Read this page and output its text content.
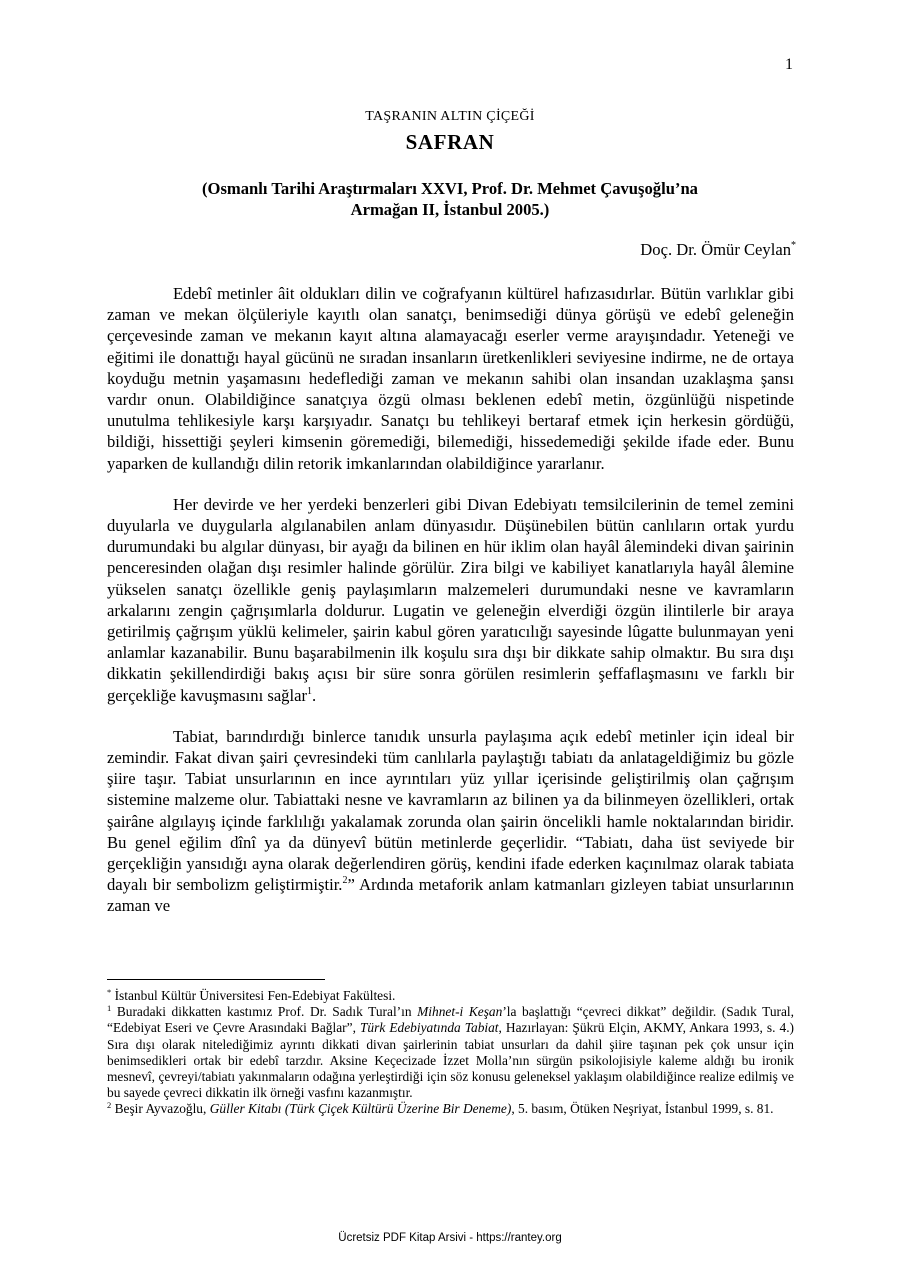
1
TAŞRANIN ALTIN ÇİÇEĞİ
SAFRAN
(Osmanlı Tarihi Araştırmaları XXVI, Prof. Dr. Mehmet Çavuşoğlu’na
Armağan II, İstanbul 2005.)
Doç. Dr. Ömür Ceylan*

Edebî metinler âit oldukları dilin ve coğrafyanın kültürel hafızasıdırlar. Bütün varlıklar gibi zaman ve mekan ölçüleriyle kayıtlı olan sanatçı, benimsediği dünya görüşü ve edebî geleneğin çerçevesinde zaman ve mekanın kayıt altına alamayacağı eserler verme arayışındadır. Yeteneği ve eğitimi ile donattığı hayal gücünü ne sıradan insanların üretkenlikleri seviyesine indirme, ne de ortaya koyduğu metnin yaşamasını hedeflediği zaman ve mekanın sahibi olan insandan uzaklaşma şansı vardır onun. Olabildiğince sanatçıya özgü olması beklenen edebî metin, özgünlüğü nispetinde unutulma tehlikesiyle karşı karşıyadır. Sanatçı bu tehlikeyi bertaraf etmek için herkesin gördüğü, bildiği, hissettiği şeyleri kimsenin göremediği, bilemediği, hissedemediği şekilde ifade eder. Bunu yaparken de kullandığı dilin retorik imkanlarından olabildiğince yararlanır.

Her devirde ve her yerdeki benzerleri gibi Divan Edebiyatı temsilcilerinin de temel zemini duyularla ve duygularla algılanabilen anlam dünyasıdır. Düşünebilen bütün canlıların ortak yurdu durumundaki bu algılar dünyası, bir ayağı da bilinen en hür iklim olan hayâl âlemindeki divan şairinin penceresinden olağan dışı resimler halinde görülür. Zira bilgi ve kabiliyet kanatlarıyla hayâl âlemine yükselen sanatçı özellikle geniş paylaşımların malzemeleri durumundaki nesne ve kavramların arkalarını zengin çağrışımlarla doldurur. Lugatin ve geleneğin elverdiği özgün ilintilerle bir araya getirilmiş çağrışım yüklü kelimeler, şairin kabul gören yaratıcılığı sayesinde lûgatte bulunmayan yeni anlamlar kazanabilir. Bunu başarabilmenin ilk koşulu sıra dışı bir dikkate sahip olmaktır. Bu sıra dışı dikkatin şekillendirdiği bakış açısı bir süre sonra görülen resimlerin şeffaflaşmasını ve farklı bir gerçekliğe kavuşmasını sağlar$^1$.

Tabiat, barındırdığı binlerce tanıdık unsurla paylaşıma açık edebî metinler için ideal bir zemindir. Fakat divan şairi çevresindeki tüm canlılarla paylaştığı tabiatı da anlatageldiğimiz bu gözle şiire taşır. Tabiat unsurlarının en ince ayrıntıları yüz yıllar içerisinde geliştirilmiş olan çağrışım sistemine malzeme olur. Tabiattaki nesne ve kavramların az bilinen ya da bilinmeyen özellikleri, ortak şairâne algılayış içinde farklılığı yakalamak zorunda olan şairin öncelikli hamle noktalarından biridir. Bu genel eğilim dînî ya da dünyevî bütün metinlerde geçerlidir. “Tabiatı, daha üst seviyede bir gerçekliğin yansıdığı ayna olarak değerlendiren görüş, kendini ifade ederken kaçınılmaz olarak tabiata dayalı bir sembolizm geliştirmiştir.$^2$” Ardında metaforik anlam katmanları gizleyen tabiat unsurlarının zaman ve

* İstanbul Kültür Üniversitesi Fen-Edebiyat Fakültesi.

$^1$ Buradaki dikkatten kastımız Prof. Dr. Sadık Tural’ın Mihnet-i Keşan’la başlattığı “çevreci dikkat” değildir. (Sadık Tural, “Edebiyat Eseri ve Çevre Arasındaki Bağlar”, Türk Edebiyatında Tabiat, Hazırlayan: Şükrü Elçin, AKMY, Ankara 1993, s. 4.) Sıra dışı olarak nitelediğimiz ayrıntı dikkati divan şairlerinin tabiat unsurları da dahil şiire taşınan pek çok unsur için benimsedikleri ortak bir edebî tarzdır. Aksine Keçecizade İzzet Molla’nın sürgün psikolojisiyle kaleme aldığı bu ironik mesnevî, çevreyi/tabiatı yakınmaların odağına yerleştirdiği için söz konusu geleneksel yaklaşım olabildiğince realize edilmiş ve bu sayede çevreci dikkatin ilk örneği vasfını kazanmıştır.

$^2$ Beşir Ayvazoğlu, Güller Kitabı (Türk Çiçek Kültürü Üzerine Bir Deneme), 5. basım, Ötüken Neşriyat, İstanbul 1999, s. 81.

Ücretsiz PDF Kitap Arsivi - https://rantey.org
